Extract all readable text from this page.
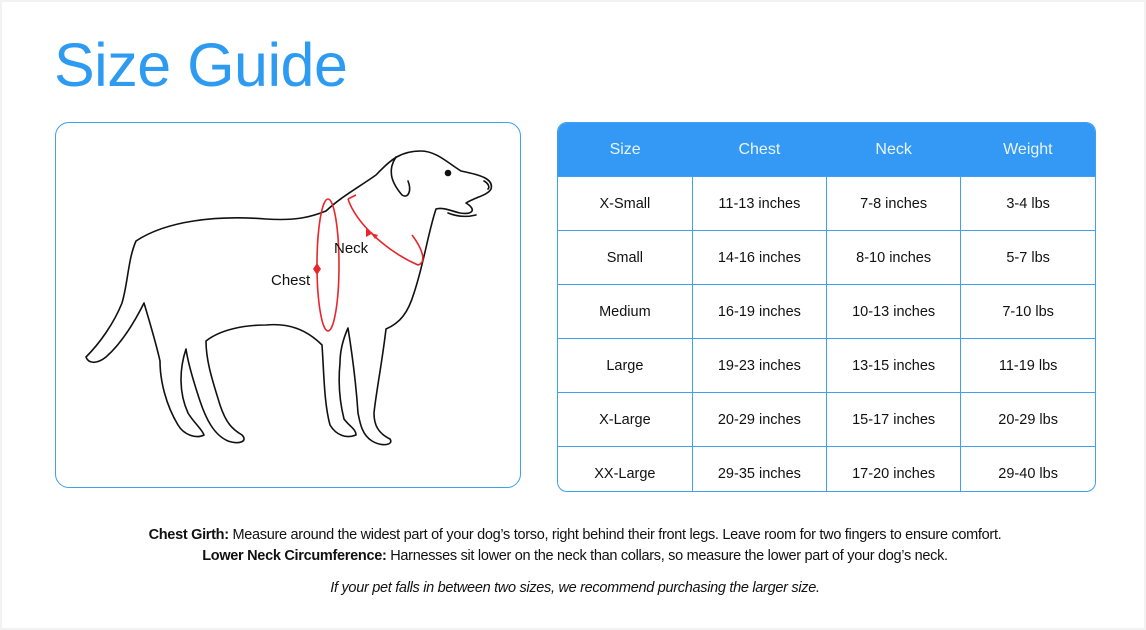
Size Guide
Neck
Chest
Size	Chest	Neck	Weight
X-Small	11-13 inches	7-8 inches	3-4 lbs
Small	14-16 inches	8-10 inches	5-7 lbs
Medium	16-19 inches	10-13 inches	7-10 lbs
Large	19-23 inches	13-15 inches	11-19 lbs
X-Large	20-29 inches	15-17 inches	20-29 lbs
XX-Large	29-35 inches	17-20 inches	29-40 lbs
Chest Girth: Measure around the widest part of your dog’s torso, right behind their front legs. Leave room for two fingers to ensure comfort.
Lower Neck Circumference: Harnesses sit lower on the neck than collars, so measure the lower part of your dog’s neck.
If your pet falls in between two sizes, we recommend purchasing the larger size.
